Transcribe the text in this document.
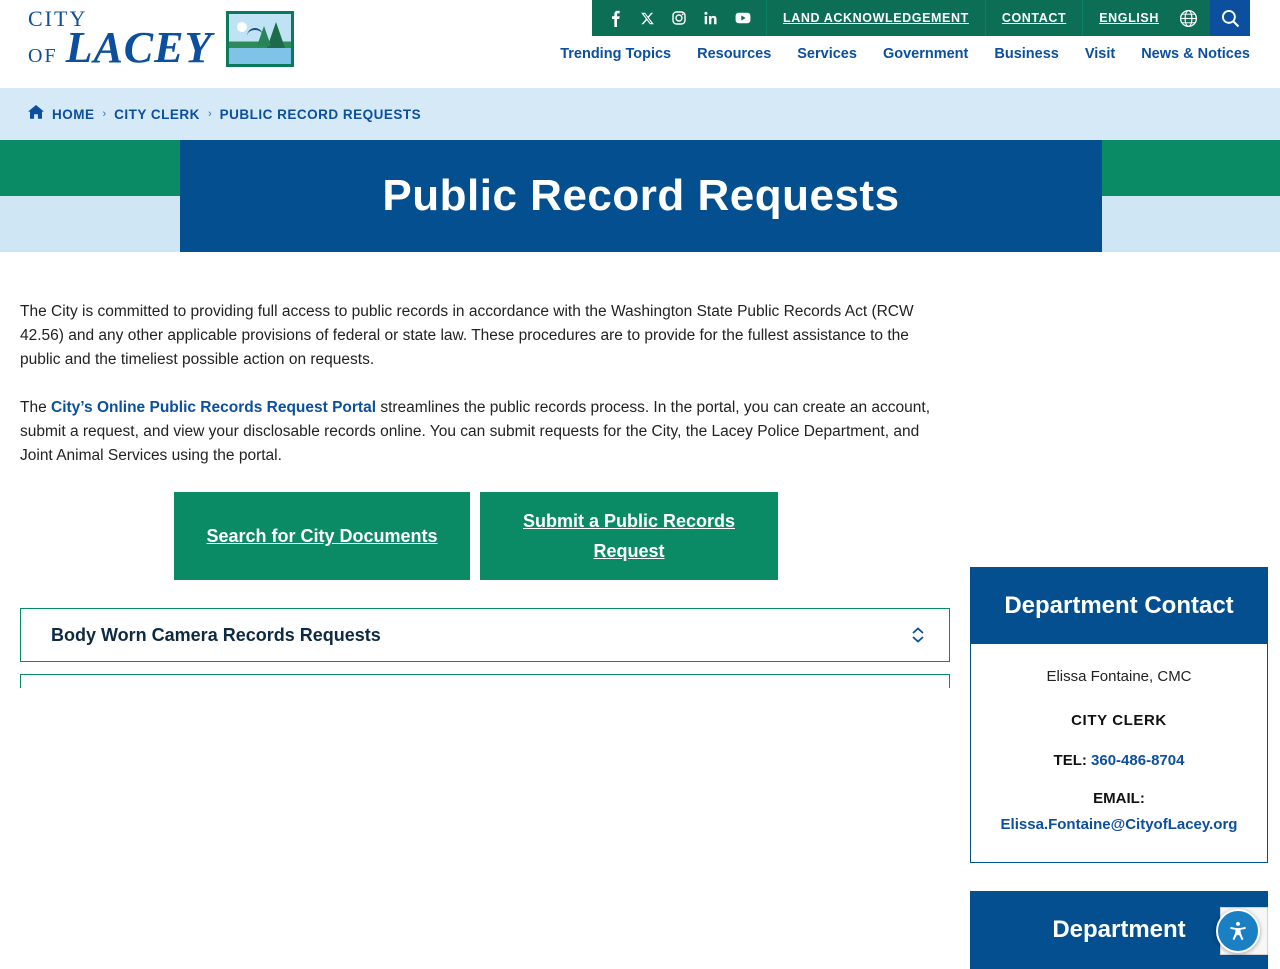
CITY
OF LACEY
LAND ACKNOWLEDGEMENT	CONTACT	ENGLISH
Trending Topics Resources Services Government Business Visit News & Notices
HOME › CITY CLERK › PUBLIC RECORD REQUESTS
Public Record Requests

The City is committed to providing full access to public records in accordance with the Washington State Public Records Act (RCW 42.56) and any other applicable provisions of federal or state law. These procedures are to provide for the fullest assistance to the public and the timeliest possible action on requests.

The City’s Online Public Records Request Portal streamlines the public records process. In the portal, you can create an account, submit a request, and view your disclosable records online. You can submit requests for the City, the Lacey Police Department, and Joint Animal Services using the portal.

Search for City Documents
Submit a Public Records Request
Body Worn Camera Records Requests
Department Contact
Elissa Fontaine, CMC
CITY CLERK
TEL: 360-486-8704
EMAIL:
Elissa.Fontaine@CityofLacey.org
Department
